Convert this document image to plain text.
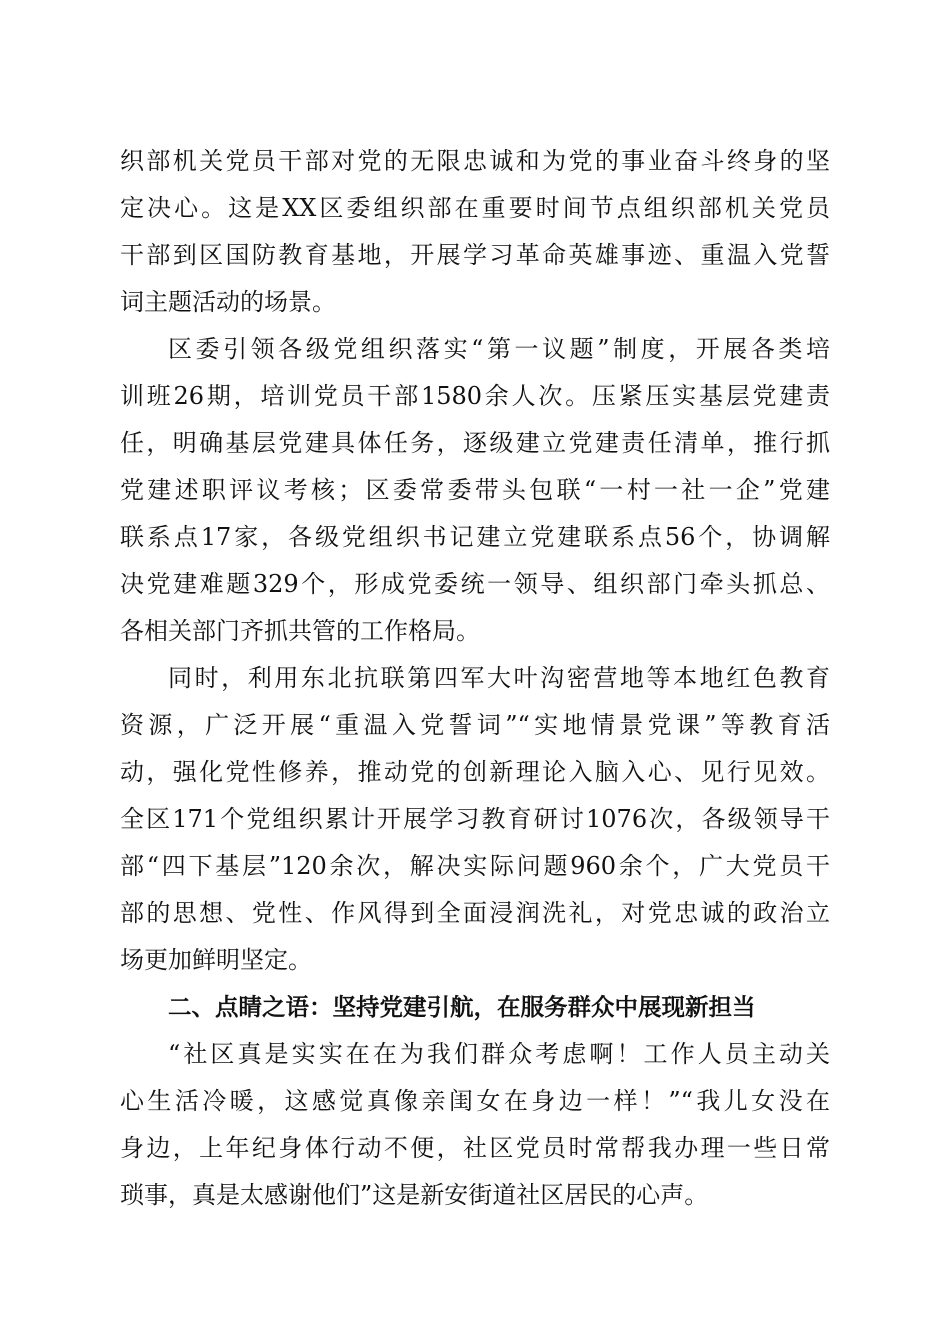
织部机关党员干部对党的无限忠诚和为党的事业奋斗终身的坚
定决心。这是XX区委组织部在重要时间节点组织部机关党员
干部到区国防教育基地，开展学习革命英雄事迹、重温入党誓
词主题活动的场景。
区委引领各级党组织落实“第一议题”制度，开展各类培
训班26期，培训党员干部1580余人次。压紧压实基层党建责
任，明确基层党建具体任务，逐级建立党建责任清单，推行抓
党建述职评议考核；区委常委带头包联“一村一社一企”党建
联系点17家，各级党组织书记建立党建联系点56个，协调解
决党建难题329个，形成党委统一领导、组织部门牵头抓总、
各相关部门齐抓共管的工作格局。
同时，利用东北抗联第四军大叶沟密营地等本地红色教育
资源，广泛开展“重温入党誓词”“实地情景党课”等教育活
动，强化党性修养，推动党的创新理论入脑入心、见行见效。
全区171个党组织累计开展学习教育研讨1076次，各级领导干
部“四下基层”120余次，解决实际问题960余个，广大党员干
部的思想、党性、作风得到全面浸润洗礼，对党忠诚的政治立
场更加鲜明坚定。
二、点睛之语：坚持党建引航，在服务群众中展现新担当
“社区真是实实在在为我们群众考虑啊！工作人员主动关
心生活冷暖，这感觉真像亲闺女在身边一样！”“我儿女没在
身边，上年纪身体行动不便，社区党员时常帮我办理一些日常
琐事，真是太感谢他们”这是新安街道社区居民的心声。
